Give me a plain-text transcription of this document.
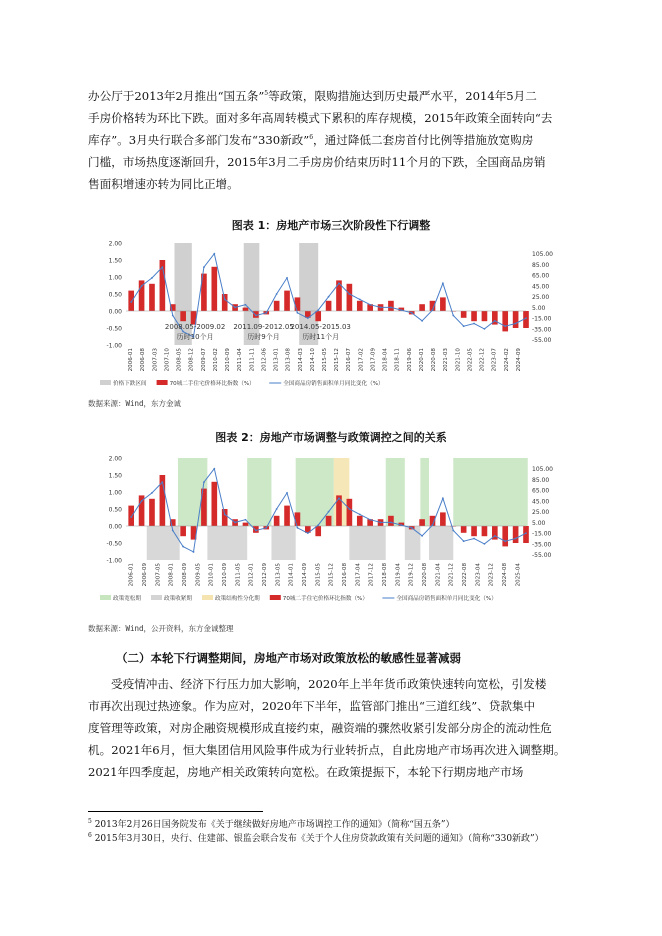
办公厅于2013年2月推出“国五条”$^5$等政策，限购措施达到历史最严水平，2014年5月二
手房价格转为环比下跌。面对多年高周转模式下累积的库存规模，2015年政策全面转向“去
库存”。3月央行联合多部门发布“330新政”$^6$，通过降低二套房首付比例等措施放宽购房
门槛，市场热度逐渐回升，2015年3月二手房房价结束历时11个月的下跌，全国商品房销
售面积增速亦转为同比正增。

图表 1：房地产市场三次阶段性下行调整

2.00
1.50
1.00
0.50
0.00
-0.50
-1.00
105.00
85.00
65.00
45.00
25.00
5.00
-15.00
-35.00
-55.00
2008.05-2009.02
历时10个月
2011.09-2012.05
历时9个月
2014.05-2015.03
历时11个月
2006-01 2006-08 2007-03 2007-10 2008-05 2008-12 2009-07 2010-02 2010-09 2011-04 2011-11 2012-06 2013-01 2013-08 2014-03 2014-10 2015-05 2015-12 2016-07 2017-02 2017-09 2018-04 2018-11 2019-06 2020-01 2020-08 2021-03 2021-10 2022-05 2022-12 2023-07 2024-02 2024-09
价格下跌区间	70城二手住宅价格环比指数（%）	全国商品房销售面积单月同比变化（%）

数据来源：Wind，东方金诚

图表 2：房地产市场调整与政策调控之间的关系

2.00
1.50
1.00
0.50
0.00
-0.50
-1.00
105.00
85.00
65.00
45.00
25.00
5.00
-15.00
-35.00
-55.00
2006-01 2006-09 2007-05 2008-01 2008-09 2009-05 2010-01 2010-09 2011-05 2012-01 2012-09 2013-05 2014-01 2014-09 2015-05 2015-12 2016-08 2017-04 2017-12 2018-08 2019-04 2019-12 2020-08 2021-04 2021-12 2022-08 2023-04 2023-12 2024-08 2025-04
政策宽松期	政策收紧期	政策结构性分化期	70城二手住宅价格环比指数（%）	全国商品房销售面积单月同比变化（%）

数据来源：Wind，公开资料，东方金诚整理

（二）本轮下行调整期间，房地产市场对政策放松的敏感性显著减弱

受疫情冲击、经济下行压力加大影响，2020年上半年货币政策快速转向宽松，引发楼
市再次出现过热迹象。作为应对，2020年下半年，监管部门推出“三道红线”、贷款集中
度管理等政策，对房企融资规模形成直接约束，融资端的骤然收紧引发部分房企的流动性危
机。2021年6月，恒大集团信用风险事件成为行业转折点，自此房地产市场再次进入调整期。
2021年四季度起，房地产相关政策转向宽松。在政策提振下，本轮下行期房地产市场

$^5$ 2013年2月26日国务院发布《关于继续做好房地产市场调控工作的通知》（简称“国五条”）

$^6$ 2015年3月30日，央行、住建部、银监会联合发布《关于个人住房贷款政策有关问题的通知》（简称“330新政”）
